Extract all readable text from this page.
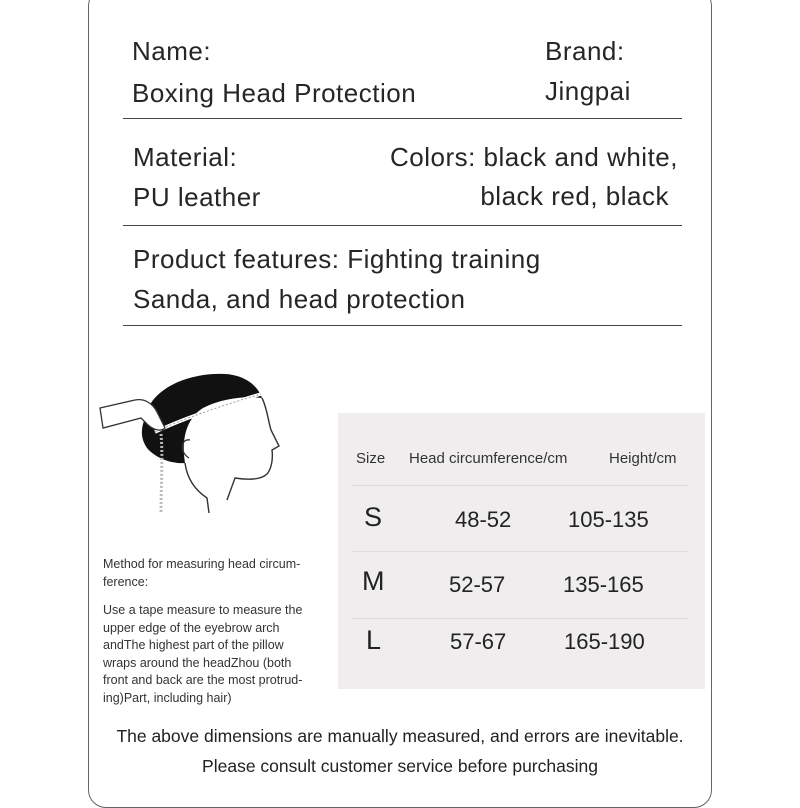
Name:
Boxing Head Protection
Brand:
Jingpai
Material:
PU leather
Colors: black and white,
black red, black
Product features: Fighting training
Sanda, and head protection
Method for measuring head circum-
ference:
Use a tape measure to measure the
upper edge of the eyebrow arch
andThe highest part of the pillow
wraps around the headZhou (both
front and back are the most protrud-
ing)Part, including hair)
Size Head circumference/cm	Height/cm
S	48-52	105-135
M	52-57	135-165
L	57-67	165-190
The above dimensions are manually measured, and errors are inevitable.
Please consult customer service before purchasing
